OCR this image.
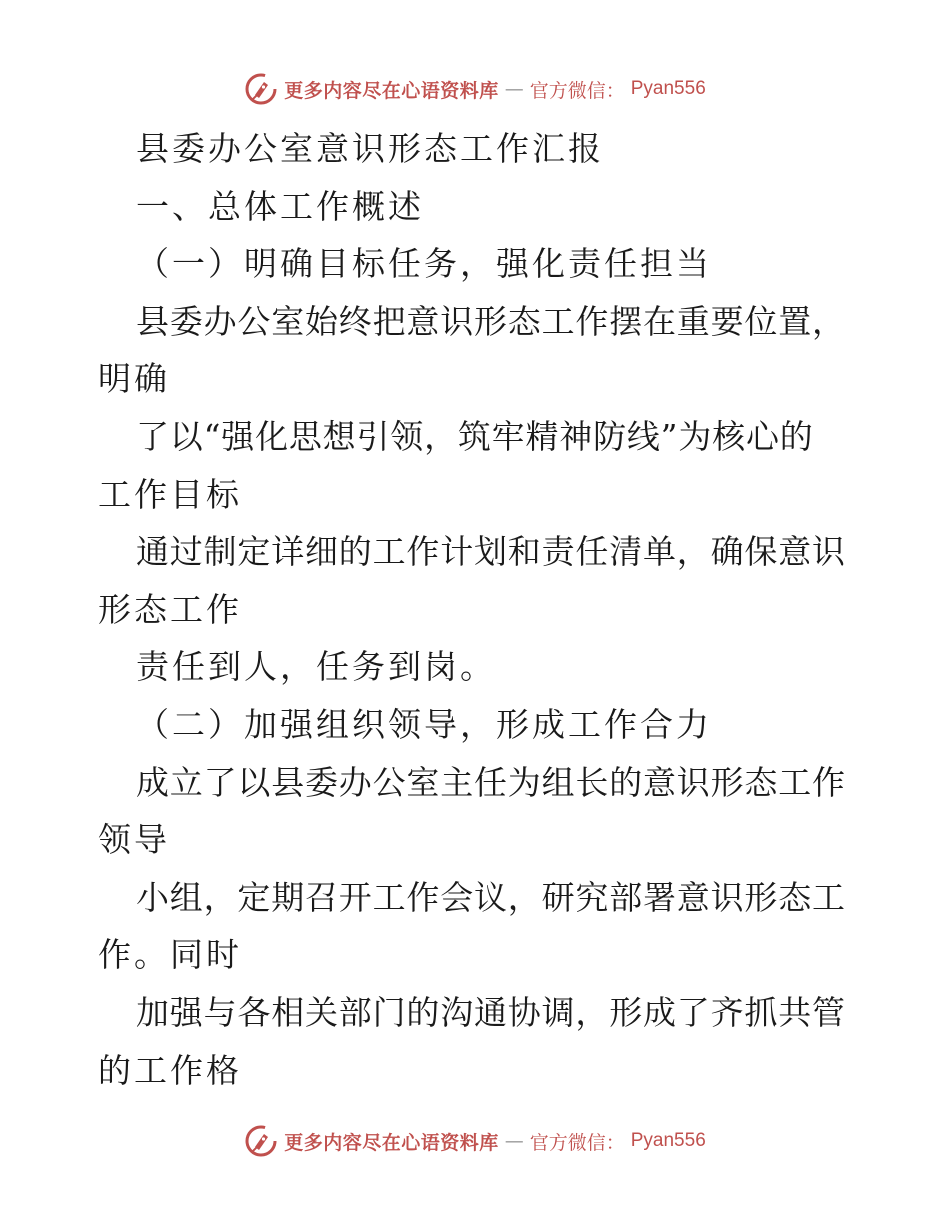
更多内容尽在心语资料库 — 官方微信： Pyan556
县委办公室意识形态工作汇报
一、总体工作概述
（一）明确目标任务，强化责任担当
县委办公室始终把意识形态工作摆在重要位置，
明确
了以“强化思想引领，筑牢精神防线”为核心的
工作目标
通过制定详细的工作计划和责任清单，确保意识
形态工作
责任到人，任务到岗。
（二）加强组织领导，形成工作合力
成立了以县委办公室主任为组长的意识形态工作
领导
小组，定期召开工作会议，研究部署意识形态工
作。同时
加强与各相关部门的沟通协调，形成了齐抓共管
的工作格
更多内容尽在心语资料库 — 官方微信： Pyan556
